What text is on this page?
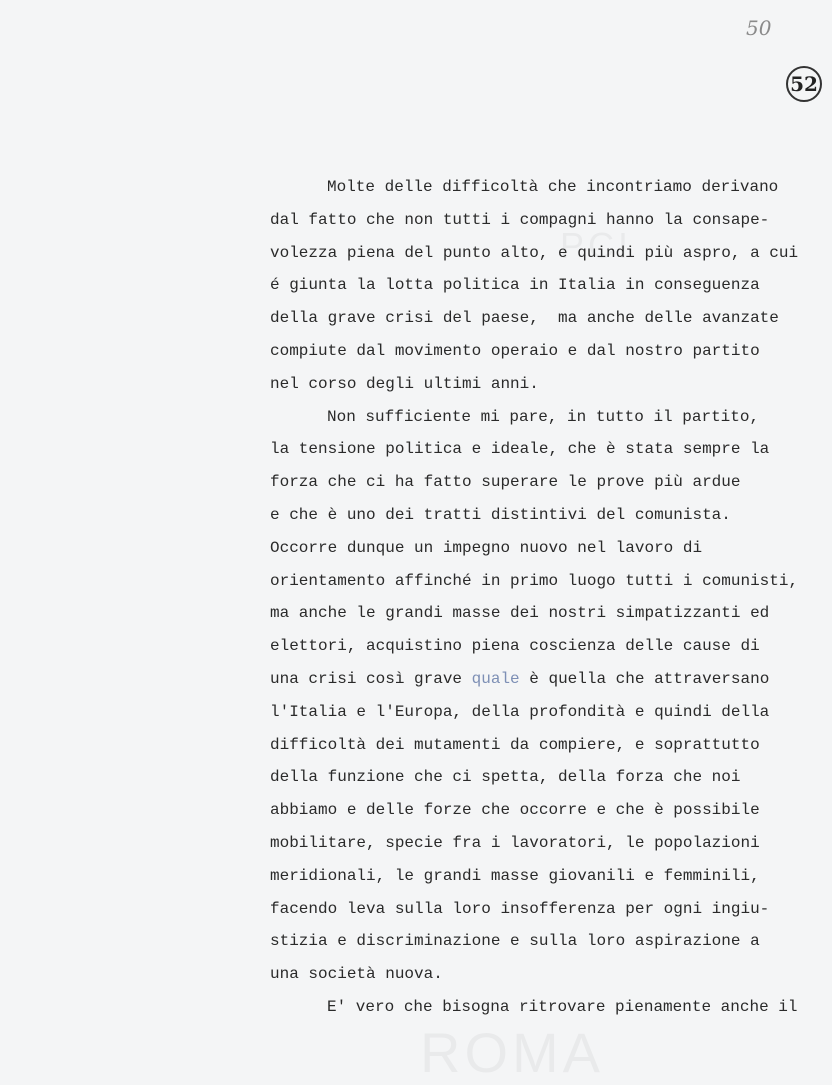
50
52
Molte delle difficoltà che incontriamo derivano
dal fatto che non tutti i compagni hanno la consape-
volezza piena del punto alto, e quindi più aspro, a cui
é giunta la lotta politica in Italia in conseguenza
della grave crisi del paese,  ma anche delle avanzate
compiute dal movimento operaio e dal nostro partito
nel corso degli ultimi anni.
Non sufficiente mi pare, in tutto il partito,
la tensione politica e ideale, che è stata sempre la
forza che ci ha fatto superare le prove più ardue
e che è uno dei tratti distintivi del comunista.
Occorre dunque un impegno nuovo nel lavoro di
orientamento affinché in primo luogo tutti i comunisti,
ma anche le grandi masse dei nostri simpatizzanti ed
elettori, acquistino piena coscienza delle cause di
una crisi così grave quale è quella che attraversano
l'Italia e l'Europa, della profondità e quindi della
difficoltà dei mutamenti da compiere, e soprattutto
della funzione che ci spetta, della forza che noi
abbiamo e delle forze che occorre e che è possibile
mobilitare, specie fra i lavoratori, le popolazioni
meridionali, le grandi masse giovanili e femminili,
facendo leva sulla loro insofferenza per ogni ingiu-
stizia e discriminazione e sulla loro aspirazione a
una società nuova.
E' vero che bisogna ritrovare pienamente anche il
